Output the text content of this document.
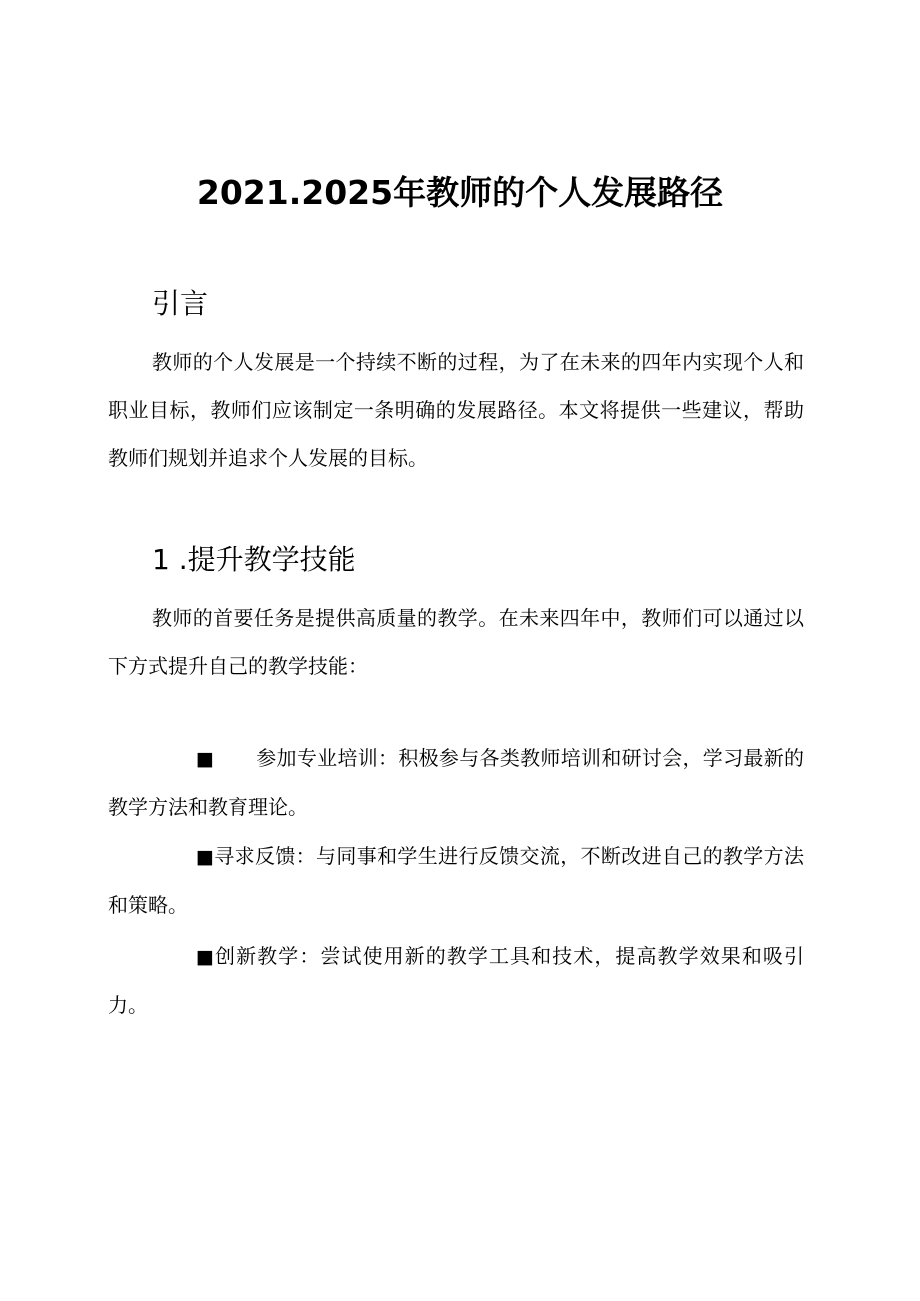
2021.2025年教师的个人发展路径
引言
教师的个人发展是一个持续不断的过程，为了在未来的四年内实现个人和职业目标，教师们应该制定一条明确的发展路径。本文将提供一些建议，帮助教师们规划并追求个人发展的目标。
1 .提升教学技能
教师的首要任务是提供高质量的教学。在未来四年中，教师们可以通过以下方式提升自己的教学技能：
■ 参加专业培训：积极参与各类教师培训和研讨会，学习最新的教学方法和教育理论。
■寻求反馈：与同事和学生进行反馈交流，不断改进自己的教学方法和策略。
■创新教学：尝试使用新的教学工具和技术，提高教学效果和吸引力。
